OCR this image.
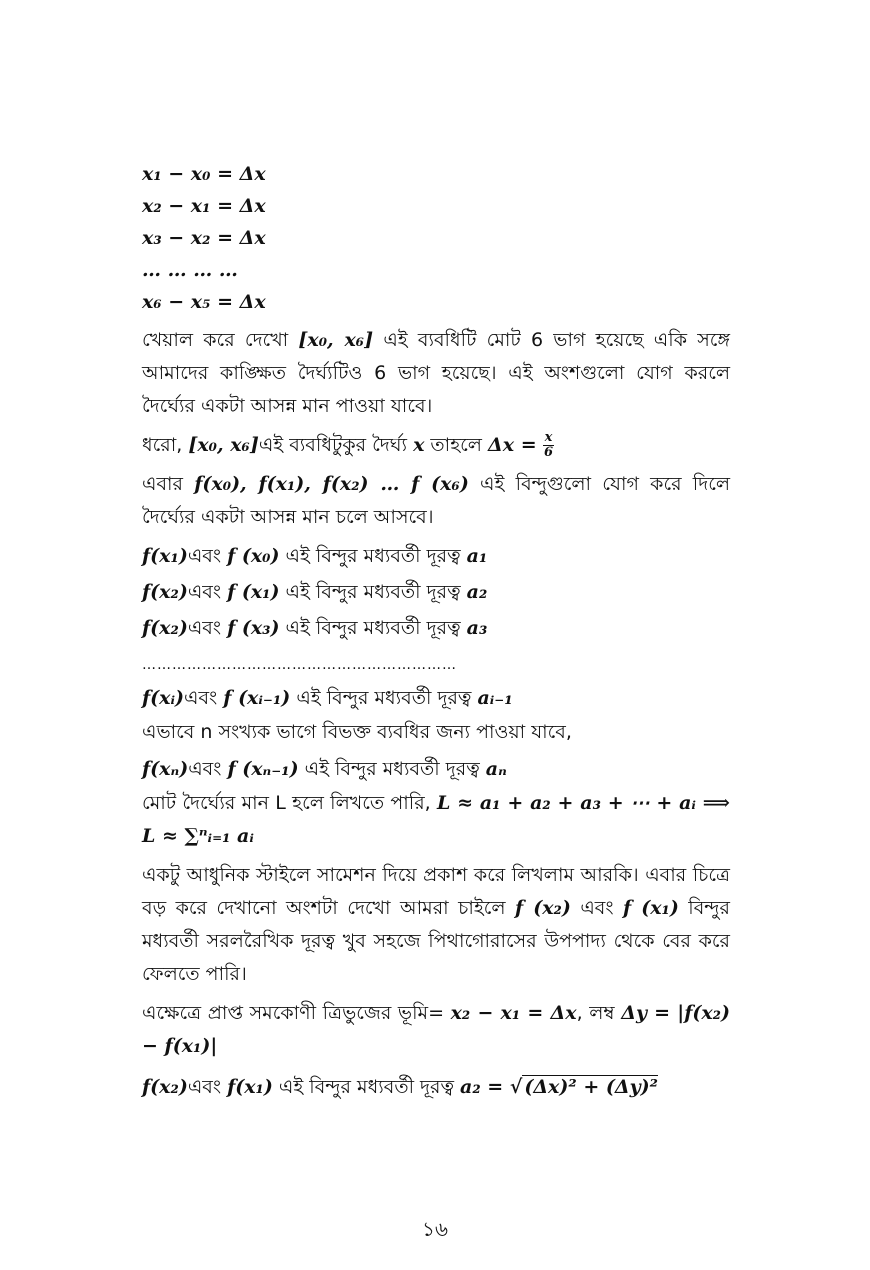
x₁ − x₀ = Δx
x₂ − x₁ = Δx
x₃ − x₂ = Δx
… … … …
x₆ − x₅ = Δx

খেয়াল করে দেখো [x₀, x₆] এই ব্যবধিটি মোট 6 ভাগ হয়েছে একি সঙ্গে আমাদের কাঙ্ক্ষিত দৈর্ঘ্যটিও 6 ভাগ হয়েছে। এই অংশগুলো যোগ করলে দৈর্ঘ্যের একটা আসন্ন মান পাওয়া যাবে।

ধরো, [x₀, x₆]এই ব্যবধিটুকুর দৈর্ঘ্য x তাহলে $\Delta x = \frac{x}{6}$

এবার f(x₀), f(x₁), f(x₂) … f (x₆) এই বিন্দুগুলো যোগ করে দিলে দৈর্ঘ্যের একটা আসন্ন মান চলে আসবে।

f(x₁)এবং f (x₀) এই বিন্দুর মধ্যবর্তী দূরত্ব a₁
f(x₂)এবং f (x₁) এই বিন্দুর মধ্যবর্তী দূরত্ব a₂
f(x₂)এবং f (x₃) এই বিন্দুর মধ্যবর্তী দূরত্ব a₃
………………………………………………………
f(xᵢ)এবং f (xᵢ₋₁) এই বিন্দুর মধ্যবর্তী দূরত্ব aᵢ₋₁

এভাবে n সংখ্যক ভাগে বিভক্ত ব্যবধির জন্য পাওয়া যাবে,

f(xₙ)এবং f (xₙ₋₁) এই বিন্দুর মধ্যবর্তী দূরত্ব aₙ

মোট দৈর্ঘ্যের মান L হলে লিখতে পারি, L ≈ a₁ + a₂ + a₃ + ⋯ + aᵢ ⟹ L ≈ ∑ⁿᵢ₌₁ aᵢ

একটু আধুনিক স্টাইলে সামেশন দিয়ে প্রকাশ করে লিখলাম আরকি। এবার চিত্রে বড় করে দেখানো অংশটা দেখো আমরা চাইলে f (x₂) এবং f (x₁) বিন্দুর মধ্যবর্তী সরলরৈখিক দূরত্ব খুব সহজে পিথাগোরাসের উপপাদ্য থেকে বের করে ফেলতে পারি।

এক্ষেত্রে প্রাপ্ত সমকোণী ত্রিভুজের ভূমি= x₂ − x₁ = Δx, লম্ব Δy = |f(x₂) − f(x₁)|

f(x₂)এবং f(x₁) এই বিন্দুর মধ্যবর্তী দূরত্ব a₂ = √ (Δx)² + (Δy)²
১৬
